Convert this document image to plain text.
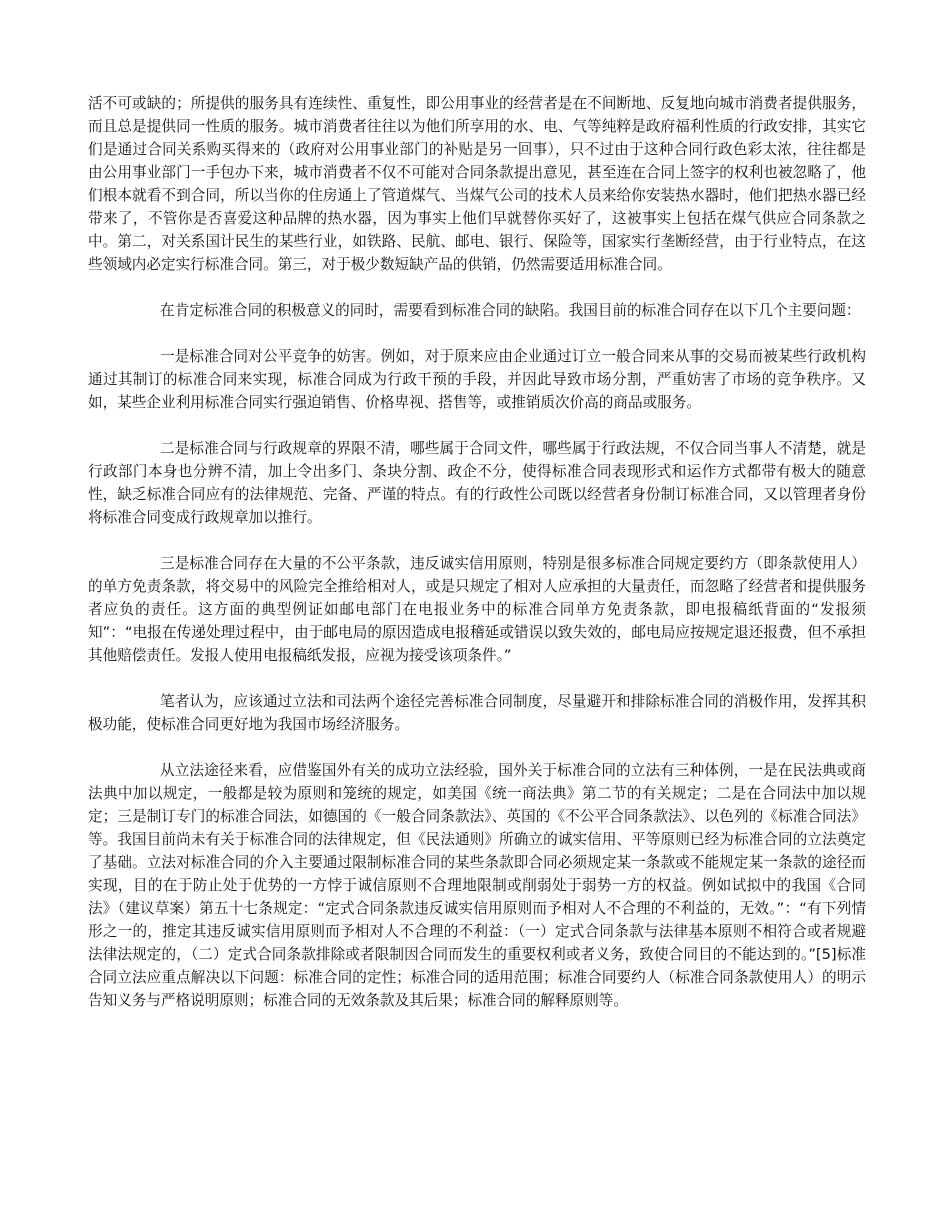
活不可或缺的；所提供的服务具有连续性、重复性，即公用事业的经营者是在不间断地、反复地向城市消费者提供服务，而且总是提供同一性质的服务。城市消费者往往以为他们所享用的水、电、气等纯粹是政府福利性质的行政安排，其实它们是通过合同关系购买得来的（政府对公用事业部门的补贴是另一回事），只不过由于这种合同行政色彩太浓，往往都是由公用事业部门一手包办下来，城市消费者不仅不可能对合同条款提出意见，甚至连在合同上签字的权利也被忽略了，他们根本就看不到合同，所以当你的住房通上了管道煤气、当煤气公司的技术人员来给你安装热水器时，他们把热水器已经带来了，不管你是否喜爱这种品牌的热水器，因为事实上他们早就替你买好了，这被事实上包括在煤气供应合同条款之中。第二，对关系国计民生的某些行业，如铁路、民航、邮电、银行、保险等，国家实行垄断经营，由于行业特点，在这些领域内必定实行标准合同。第三，对于极少数短缺产品的供销，仍然需要适用标准合同。

在肯定标准合同的积极意义的同时，需要看到标准合同的缺陷。我国目前的标准合同存在以下几个主要问题：

一是标准合同对公平竞争的妨害。例如，对于原来应由企业通过订立一般合同来从事的交易而被某些行政机构通过其制订的标准合同来实现，标准合同成为行政干预的手段，并因此导致市场分割，严重妨害了市场的竞争秩序。又如，某些企业利用标准合同实行强迫销售、价格卑视、搭售等，或推销质次价高的商品或服务。

二是标准合同与行政规章的界限不清，哪些属于合同文件，哪些属于行政法规，不仅合同当事人不清楚，就是行政部门本身也分辨不清，加上令出多门、条块分割、政企不分，使得标准合同表现形式和运作方式都带有极大的随意性，缺乏标准合同应有的法律规范、完备、严谨的特点。有的行政性公司既以经营者身份制订标准合同，又以管理者身份将标准合同变成行政规章加以推行。

三是标准合同存在大量的不公平条款，违反诚实信用原则，特别是很多标准合同规定要约方（即条款使用人）的单方免责条款，将交易中的风险完全推给相对人，或是只规定了相对人应承担的大量责任，而忽略了经营者和提供服务者应负的责任。这方面的典型例证如邮电部门在电报业务中的标准合同单方免责条款，即电报稿纸背面的“发报须知”：“电报在传递处理过程中，由于邮电局的原因造成电报稽延或错误以致失效的，邮电局应按规定退还报费，但不承担其他赔偿责任。发报人使用电报稿纸发报，应视为接受该项条件。”

笔者认为，应该通过立法和司法两个途径完善标准合同制度，尽量避开和排除标准合同的消极作用，发挥其积极功能，使标准合同更好地为我国市场经济服务。

从立法途径来看，应借鉴国外有关的成功立法经验，国外关于标准合同的立法有三种体例，一是在民法典或商法典中加以规定，一般都是较为原则和笼统的规定，如美国《统一商法典》第二节的有关规定；二是在合同法中加以规定；三是制订专门的标准合同法，如德国的《一般合同条款法》、英国的《不公平合同条款法》、以色列的《标准合同法》等。我国目前尚未有关于标准合同的法律规定，但《民法通则》所确立的诚实信用、平等原则已经为标准合同的立法奠定了基础。立法对标准合同的介入主要通过限制标准合同的某些条款即合同必须规定某一条款或不能规定某一条款的途径而实现，目的在于防止处于优势的一方悖于诚信原则不合理地限制或削弱处于弱势一方的权益。例如试拟中的我国《合同法》（建议草案）第五十七条规定：“定式合同条款违反诚实信用原则而予相对人不合理的不利益的，无效。”：“有下列情形之一的，推定其违反诚实信用原则而予相对人不合理的不利益：（一）定式合同条款与法律基本原则不相符合或者规避法律法规定的，（二）定式合同条款排除或者限制因合同而发生的重要权利或者义务，致使合同目的不能达到的。”[5]标准合同立法应重点解决以下问题：标准合同的定性；标准合同的适用范围；标准合同要约人（标准合同条款使用人）的明示告知义务与严格说明原则；标准合同的无效条款及其后果；标准合同的解释原则等。
